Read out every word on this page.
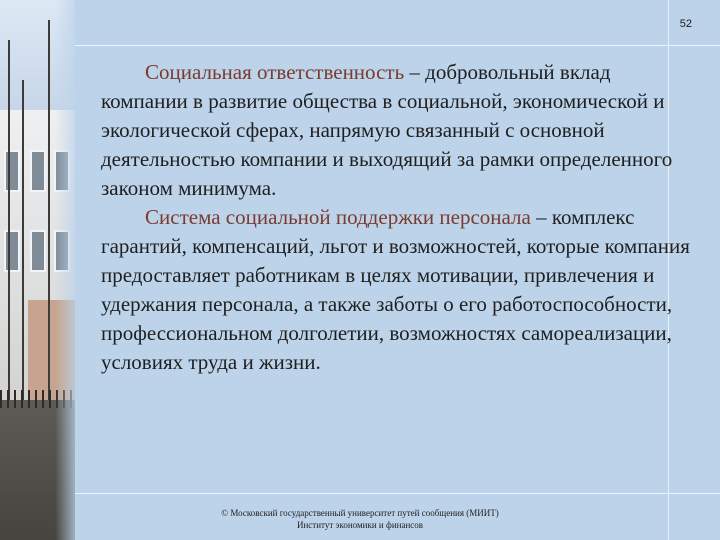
52

Социальная ответственность – добровольный вклад компании в развитие общества в социальной, экономической и экологической сферах, напрямую связанный с основной деятельностью компании и выходящий за рамки определенного законом минимума.

Система социальной поддержки персонала – комплекс гарантий, компенсаций, льгот и возможностей, которые компания предоставляет работникам в целях мотивации, привлечения и удержания персонала, а также заботы о его работоспособности, профессиональном долголетии, возможностях самореализации, условиях труда и жизни.

© Московский государственный университет путей сообщения (МИИТ)
Институт экономики и финансов
